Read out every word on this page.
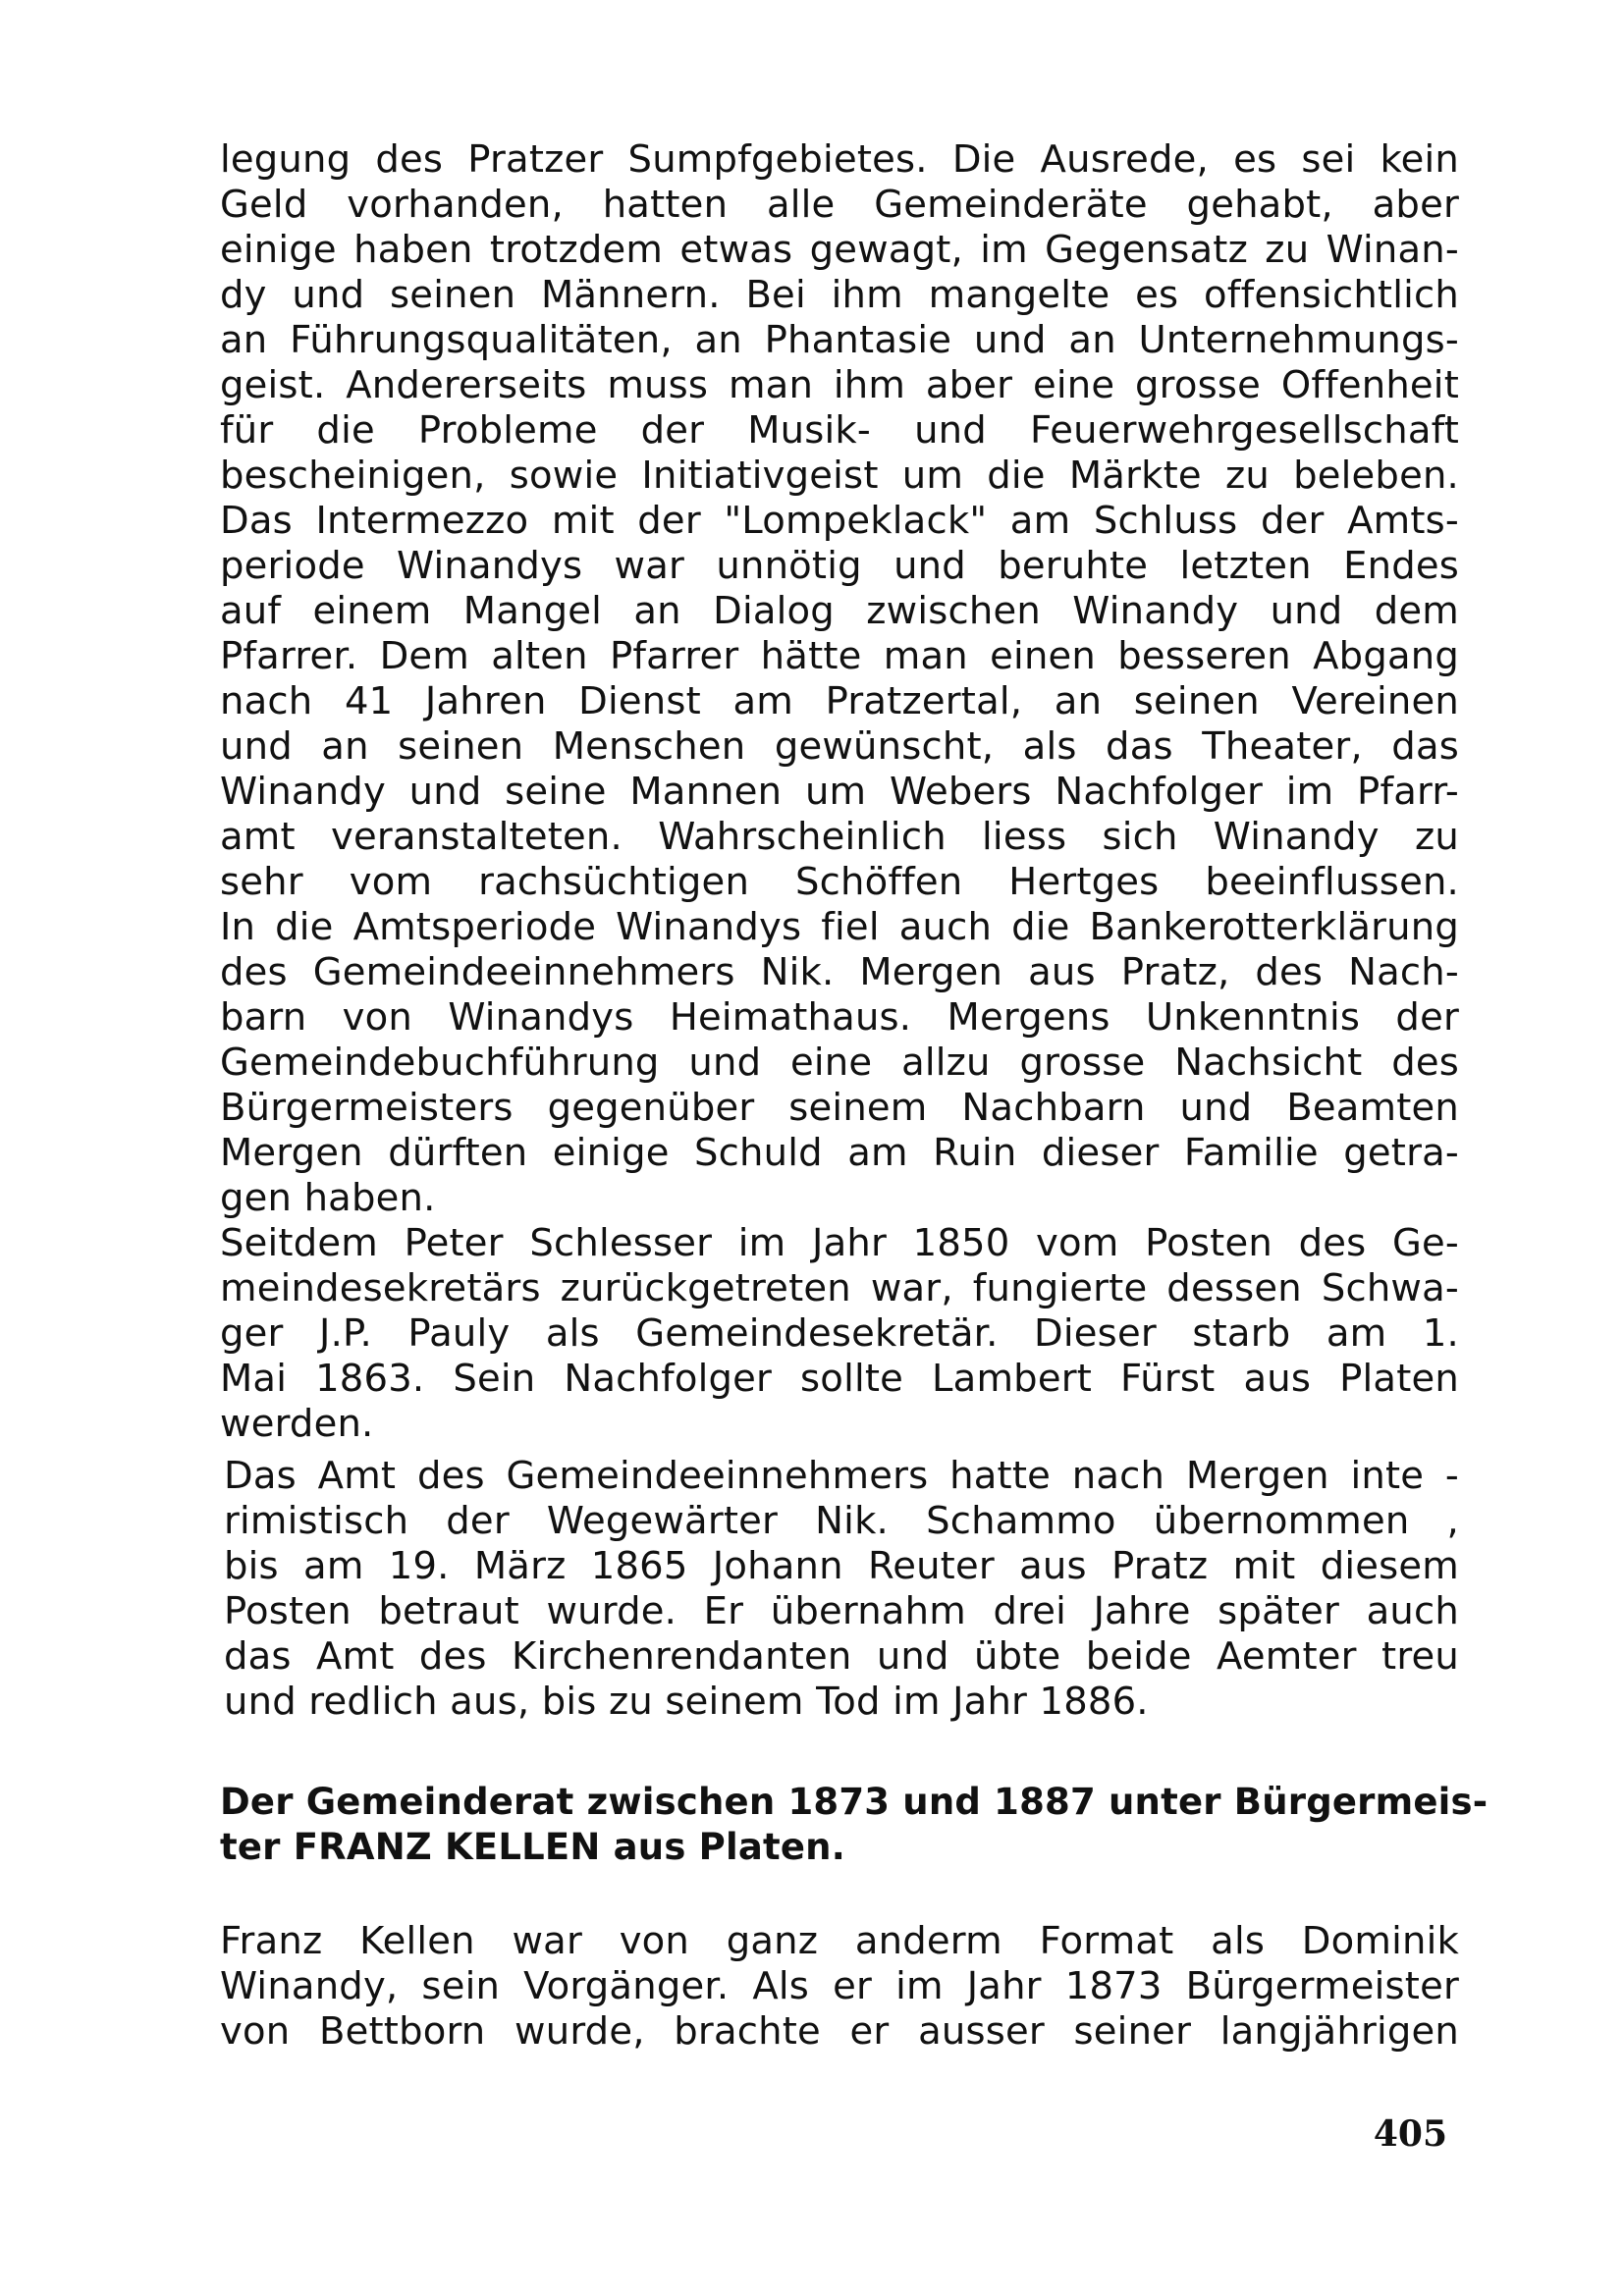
legung des Pratzer Sumpfgebietes. Die Ausrede, es sei kein
Geld vorhanden, hatten alle Gemeinderäte gehabt, aber
einige haben trotzdem etwas gewagt, im Gegensatz zu Winan-
dy und seinen Männern. Bei ihm mangelte es offensichtlich
an Führungsqualitäten, an Phantasie und an Unternehmungs-
geist. Andererseits muss man ihm aber eine grosse Offenheit
für die Probleme der Musik- und Feuerwehrgesellschaft
bescheinigen, sowie Initiativgeist um die Märkte zu beleben.
Das Intermezzo mit der "Lompeklack" am Schluss der Amts-
periode Winandys war unnötig und beruhte letzten Endes
auf einem Mangel an Dialog zwischen Winandy und dem
Pfarrer. Dem alten Pfarrer hätte man einen besseren Abgang
nach 41 Jahren Dienst am Pratzertal, an seinen Vereinen
und an seinen Menschen gewünscht, als das Theater, das
Winandy und seine Mannen um Webers Nachfolger im Pfarr-
amt veranstalteten. Wahrscheinlich liess sich Winandy zu
sehr vom rachsüchtigen Schöffen Hertges beeinflussen.
In die Amtsperiode Winandys fiel auch die Bankerotterklärung
des Gemeindeeinnehmers Nik. Mergen aus Pratz, des Nach-
barn von Winandys Heimathaus. Mergens Unkenntnis der
Gemeindebuchführung und eine allzu grosse Nachsicht des
Bürgermeisters gegenüber seinem Nachbarn und Beamten
Mergen dürften einige Schuld am Ruin dieser Familie getra-
gen haben.
Seitdem Peter Schlesser im Jahr 1850 vom Posten des Ge-
meindesekretärs zurückgetreten war, fungierte dessen Schwa-
ger J.P. Pauly als Gemeindesekretär. Dieser starb am 1.
Mai 1863. Sein Nachfolger sollte Lambert Fürst aus Platen
werden.
Das Amt des Gemeindeeinnehmers hatte nach Mergen inte -
rimistisch der Wegewärter Nik. Schammo übernommen ,
bis am 19. März 1865 Johann Reuter aus Pratz mit diesem
Posten betraut wurde. Er übernahm drei Jahre später auch
das Amt des Kirchenrendanten und übte beide Aemter treu
und redlich aus, bis zu seinem Tod im Jahr 1886.
Der Gemeinderat zwischen 1873 und 1887 unter Bürgermeis-
ter FRANZ KELLEN aus Platen.
Franz Kellen war von ganz anderm Format als Dominik
Winandy, sein Vorgänger. Als er im Jahr 1873 Bürgermeister
von Bettborn wurde, brachte er ausser seiner langjährigen
405
